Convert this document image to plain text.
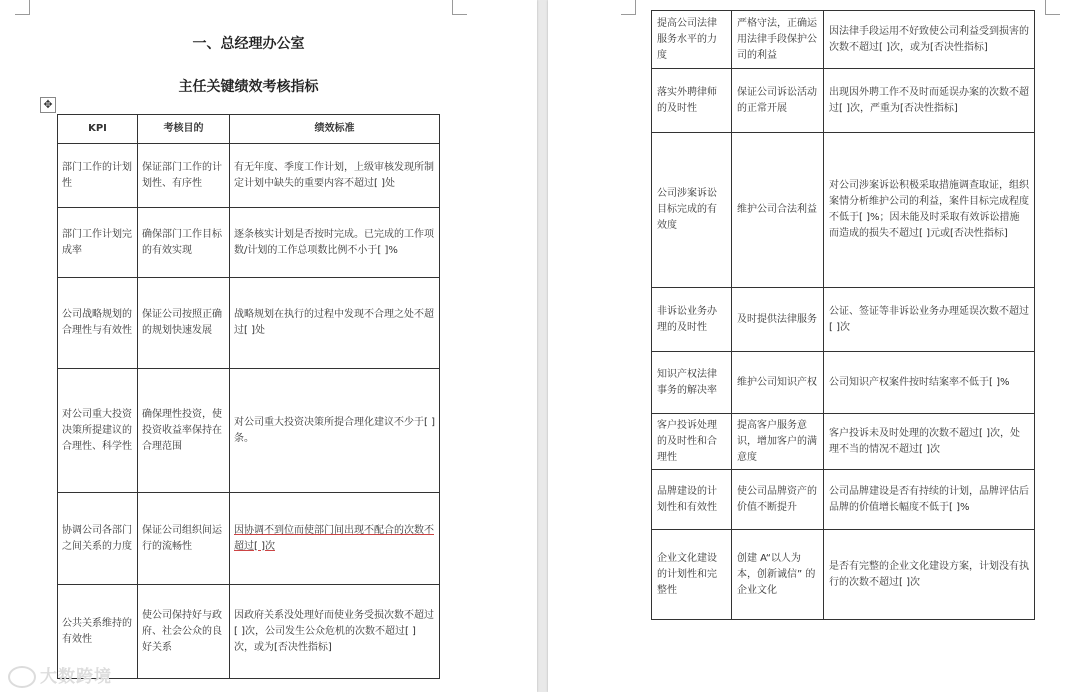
一、总经理办公室
主任关键绩效考核指标
✥
KPI	考核目的	绩效标准
部门工作的计划性	保证部门工作的计划性、有序性	有无年度、季度工作计划，上级审核发现所制定计划中缺失的重要内容不超过[ ]处
部门工作计划完成率	确保部门工作目标的有效实现	逐条核实计划是否按时完成。已完成的工作项数/计划的工作总项数比例不小于[ ]%
公司战略规划的合理性与有效性	保证公司按照正确的规划快速发展	战略规划在执行的过程中发现不合理之处不超过[ ]处
对公司重大投资决策所提建议的合理性、科学性	确保理性投资，使投资收益率保持在合理范围	对公司重大投资决策所提合理化建议不少于[ ]条。
协调公司各部门之间关系的力度	保证公司组织间运行的流畅性	因协调不到位而使部门间出现不配合的次数不超过[ ]次
公共关系维持的有效性	使公司保持好与政府、社会公众的良好关系	因政府关系没处理好而使业务受损次数不超过[ ]次，公司发生公众危机的次数不超过[ ]次，或为[否决性指标]
大数跨境
提高公司法律服务水平的力度	严格守法，正确运用法律手段保护公司的利益	因法律手段运用不好致使公司利益受到损害的次数不超过[ ]次，或为[否决性指标]
落实外聘律师的及时性	保证公司诉讼活动的正常开展	出现因外聘工作不及时而延误办案的次数不超过[ ]次，严重为[否决性指标]
公司涉案诉讼目标完成的有效度	维护公司合法利益	对公司涉案诉讼积极采取措施调查取证，组织案情分析维护公司的利益，案件目标完成程度不低于[ ]%；因未能及时采取有效诉讼措施而造成的损失不超过[ ]元或[否决性指标]
非诉讼业务办理的及时性	及时提供法律服务	公证、签证等非诉讼业务办理延误次数不超过[ ]次
知识产权法律事务的解决率	维护公司知识产权	公司知识产权案件按时结案率不低于[ ]%
客户投诉处理的及时性和合理性	提高客户服务意识，增加客户的满意度	客户投诉未及时处理的次数不超过[ ]次，处理不当的情况不超过[ ]次
品牌建设的计划性和有效性	使公司品牌资产的价值不断提升	公司品牌建设是否有持续的计划，品牌评估后品牌的价值增长幅度不低于[ ]%
企业文化建设的计划性和完整性	创建 A“以人为本，创新诚信” 的企业文化	是否有完整的企业文化建设方案，计划没有执行的次数不超过[ ]次
